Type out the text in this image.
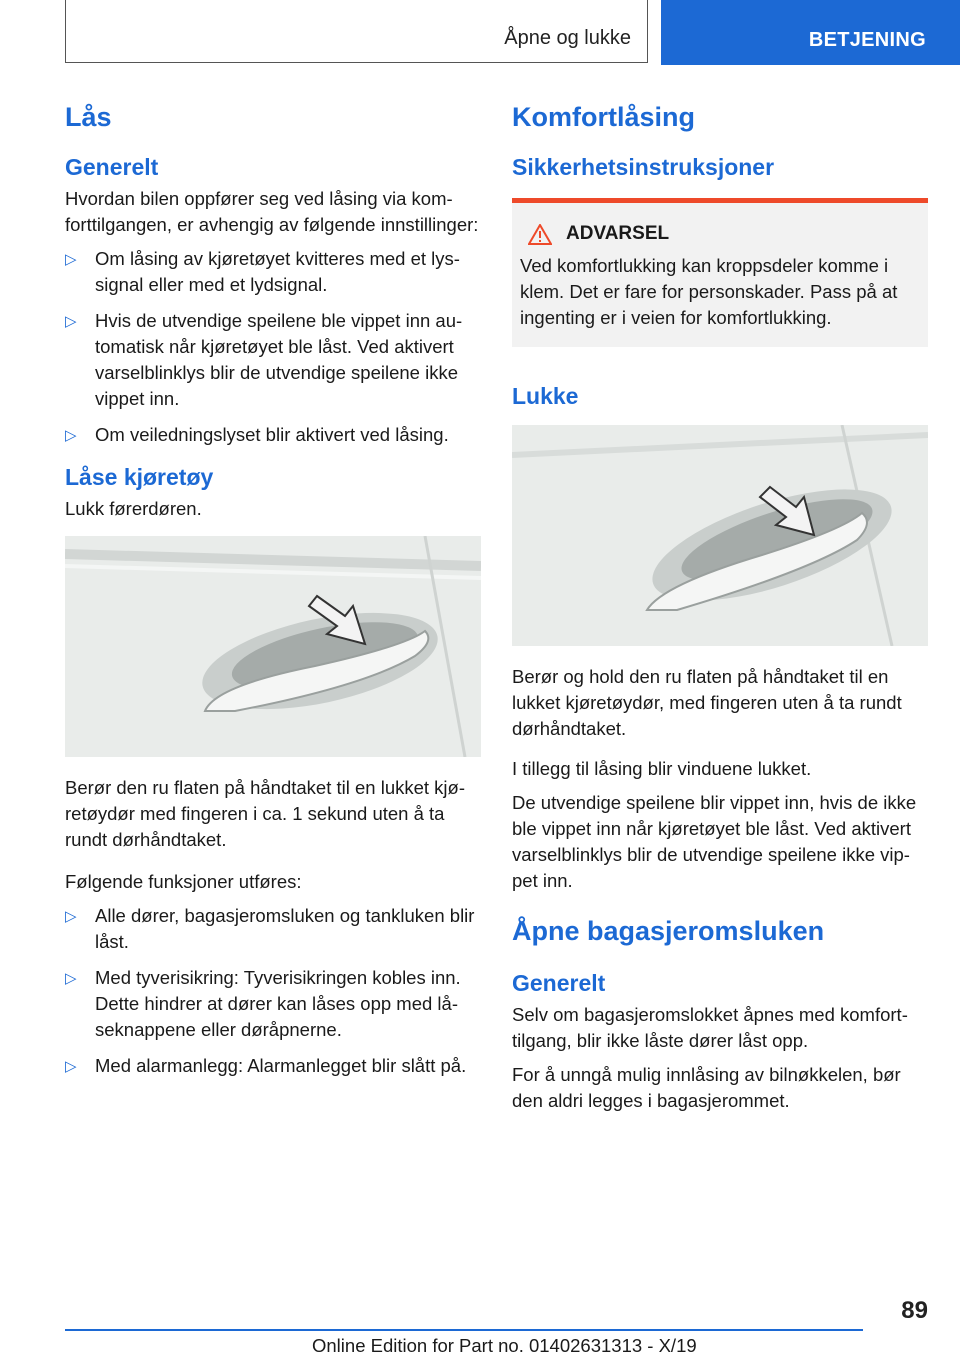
Åpne og lukke	BETJENING
Lås
Generelt

Hvordan bilen oppfører seg ved låsing via komforttilgangen, er avhengig av følgende innstillinger:

▷ Om låsing av kjøretøyet kvitteres med et lyssignal eller med et lydsignal.
▷ Hvis de utvendige speilene ble vippet inn automatisk når kjøretøyet ble låst. Ved aktivert varselblinklys blir de utvendige speilene ikke vippet inn.
▷ Om veiledningslyset blir aktivert ved låsing.
Låse kjøretøy

Lukk førerdøren.

Berør den ru flaten på håndtaket til en lukket kjøretøydør med fingeren i ca. 1 sekund uten å ta rundt dørhåndtaket.

Følgende funksjoner utføres:

▷ Alle dører, bagasjeromsluken og tankluken blir låst.
▷ Med tyverisikring: Tyverisikringen kobles inn. Dette hindrer at dører kan låses opp med låseknappene eller døråpnerne.
▷ Med alarmanlegg: Alarmanlegget blir slått på.
Komfortlåsing
Sikkerhetsinstruksjoner
ADVARSEL

Ved komfortlukking kan kroppsdeler komme i klem. Det er fare for personskader. Pass på at ingenting er i veien for komfortlukking.

Lukke

Berør og hold den ru flaten på håndtaket til en lukket kjøretøydør, med fingeren uten å ta rundt dørhåndtaket.

I tillegg til låsing blir vinduene lukket.

De utvendige speilene blir vippet inn, hvis de ikke ble vippet inn når kjøretøyet ble låst. Ved aktivert varselblinklys blir de utvendige speilene ikke vippet inn.

Åpne bagasjeromsluken
Generelt

Selv om bagasjeromslokket åpnes med komforttilgang, blir ikke låste dører låst opp.

For å unngå mulig innlåsing av bilnøkkelen, bør den aldri legges i bagasjerommet.

89
Online Edition for Part no. 01402631313 - X/19
